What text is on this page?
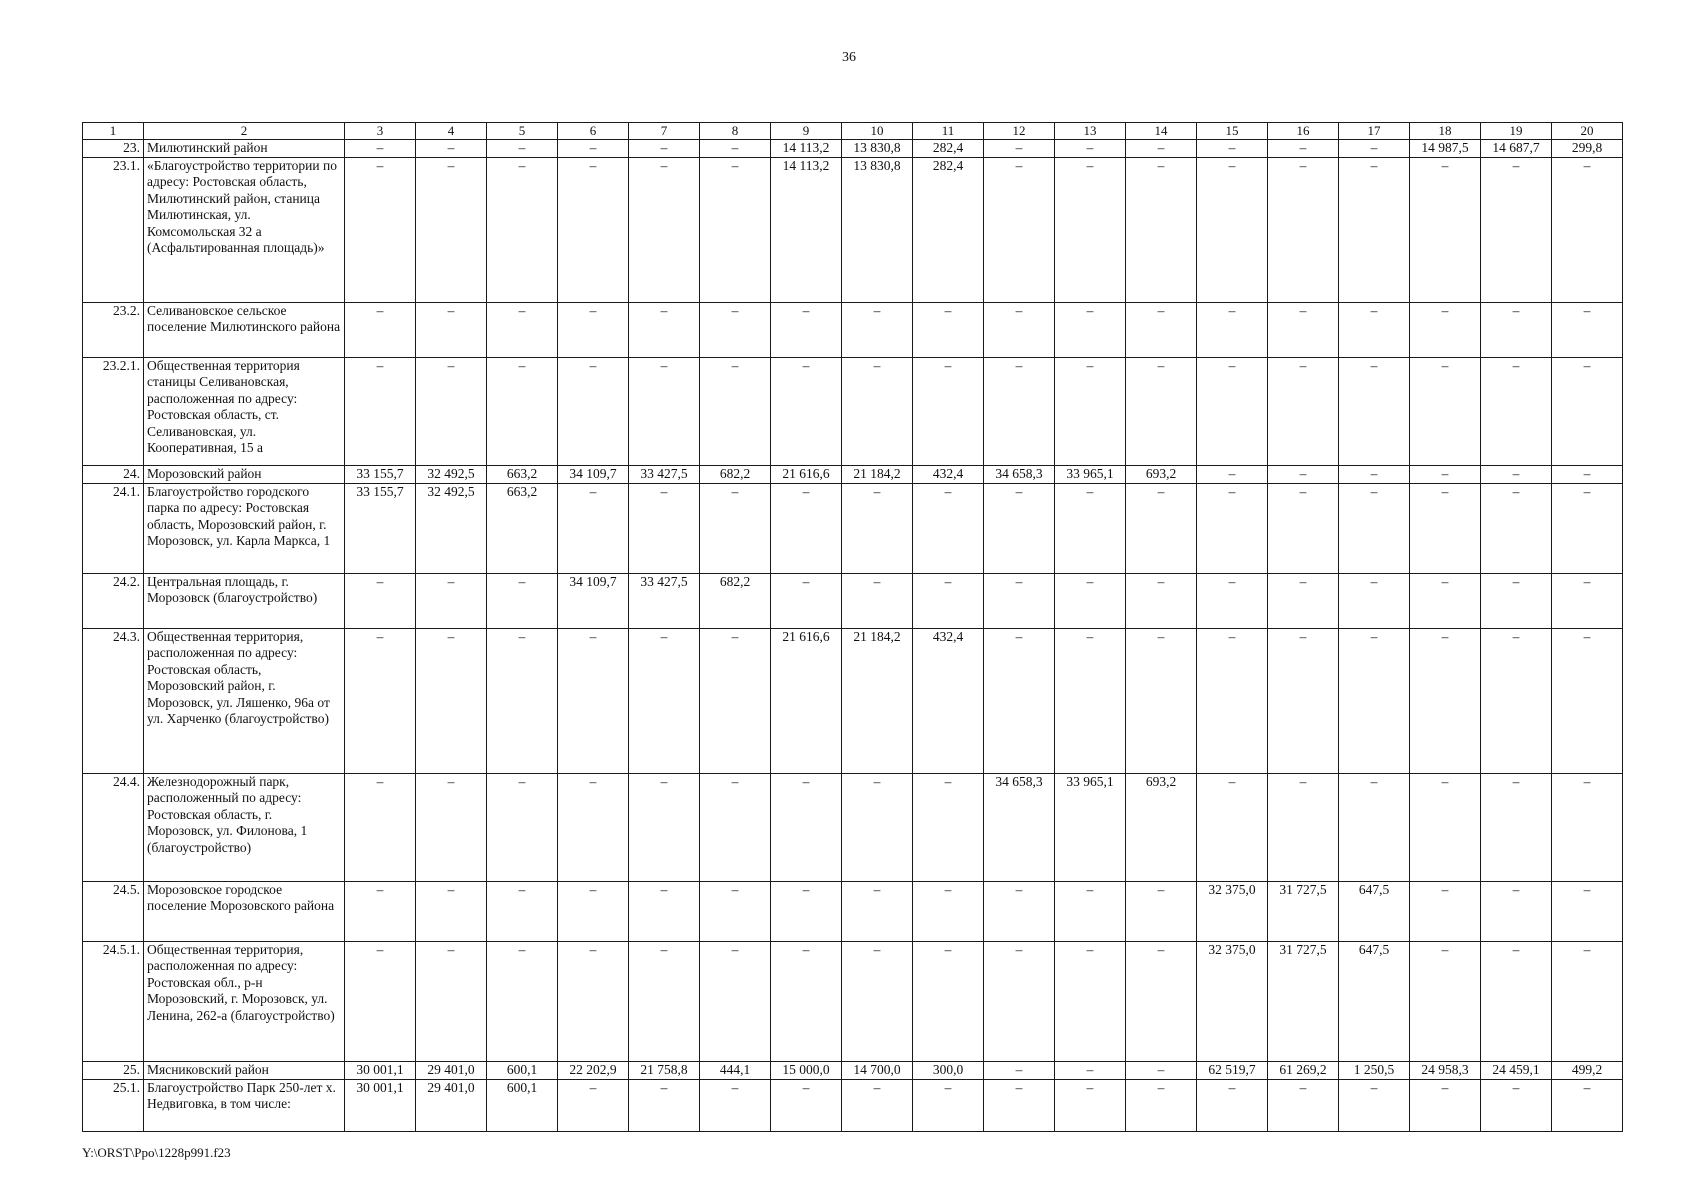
36
1	2	3	4	5	6	7	8	9	10	11	12	13	14	15	16	17	18	19	20
23.	Милютинский район	–	–	–	–	–	–	14 113,2	13 830,8	282,4	–	–	–	–	–	–	14 987,5	14 687,7	299,8
23.1.	«Благоустройство территории по адресу: Ростовская область, Милютинский район, станица Милютинская, ул. Комсомольская 32 а (Асфальтированная площадь)»	–	–	–	–	–	–	14 113,2	13 830,8	282,4	–	–	–	–	–	–	–	–	–
23.2.	Селивановское сельское поселение Милютинского района	–	–	–	–	–	–	–	–	–	–	–	–	–	–	–	–	–	–
23.2.1.	Общественная территория станицы Селивановская, расположенная по адресу: Ростовская область, ст. Селивановская, ул. Кооперативная, 15 а	–	–	–	–	–	–	–	–	–	–	–	–	–	–	–	–	–	–
24.	Морозовский район	33 155,7	32 492,5	663,2	34 109,7	33 427,5	682,2	21 616,6	21 184,2	432,4	34 658,3	33 965,1	693,2	–	–	–	–	–	–
24.1.	Благоустройство городского парка по адресу: Ростовская область, Морозовский район, г. Морозовск, ул. Карла Маркса, 1	33 155,7	32 492,5	663,2	–	–	–	–	–	–	–	–	–	–	–	–	–	–	–
24.2.	Центральная площадь, г. Морозовск (благоустройство)	–	–	–	34 109,7	33 427,5	682,2	–	–	–	–	–	–	–	–	–	–	–	–
24.3.	Общественная территория, расположенная по адресу: Ростовская область, Морозовский район, г. Морозовск, ул. Ляшенко, 96а от ул. Харченко (благоустройство)	–	–	–	–	–	–	21 616,6	21 184,2	432,4	–	–	–	–	–	–	–	–	–
24.4.	Железнодорожный парк, расположенный по адресу: Ростовская область, г. Морозовск, ул. Филонова, 1 (благоустройство)	–	–	–	–	–	–	–	–	–	34 658,3	33 965,1	693,2	–	–	–	–	–	–
24.5.	Морозовское городское поселение Морозовского района	–	–	–	–	–	–	–	–	–	–	–	–	32 375,0	31 727,5	647,5	–	–	–
24.5.1.	Общественная территория, расположенная по адресу: Ростовская обл., р-н Морозовский, г. Морозовск, ул. Ленина, 262-а (благоустройство)	–	–	–	–	–	–	–	–	–	–	–	–	32 375,0	31 727,5	647,5	–	–	–
25.	Мясниковский район	30 001,1	29 401,0	600,1	22 202,9	21 758,8	444,1	15 000,0	14 700,0	300,0	–	–	–	62 519,7	61 269,2	1 250,5	24 958,3	24 459,1	499,2
25.1.	Благоустройство Парк 250-лет х. Недвиговка, в том числе:	30 001,1	29 401,0	600,1	–	–	–	–	–	–	–	–	–	–	–	–	–	–	–
Y:\ORST\Ppo\1228p991.f23
